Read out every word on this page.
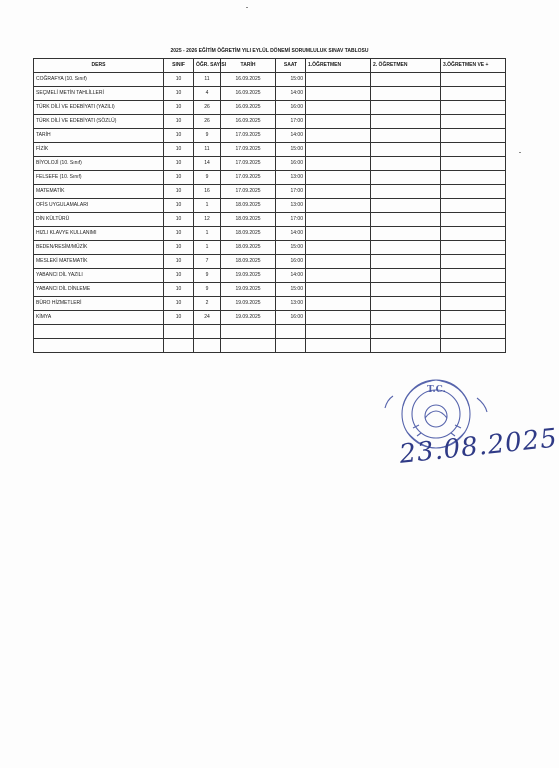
2025 - 2026 EĞİTİM ÖĞRETİM YILI EYLÜL DÖNEMİ SORUMLULUK SINAV TABLOSU							
DERS	SINIF	ÖĞR. SAYISI	TARİH	SAAT	1.ÖĞRETMEN	2. ÖĞRETMEN	3.ÖĞRETMEN VE +
COĞRAFYA (10. Sınıf)	10	11	16.09.2025	15:00			
SEÇMELİ METİN TAHLİLLERİ	10	4	16.09.2025	14:00			
TÜRK DİLİ VE EDEBİYATI (YAZILI)	10	26	16.09.2025	16:00			
TÜRK DİLİ VE EDEBİYATI (SÖZLÜ)	10	26	16.09.2025	17:00			
TARİH	10	9	17.09.2025	14:00			
FİZİK	10	11	17.09.2025	15:00			
BİYOLOJİ (10. Sınıf)	10	14	17.09.2025	16:00			
FELSEFE (10. Sınıf)	10	9	17.09.2025	13:00			
MATEMATİK	10	16	17.09.2025	17:00			
OFİS UYGULAMALARI	10	1	18.09.2025	13:00			
DİN KÜLTÜRÜ	10	12	18.09.2025	17:00			
HIZLI KLAVYE KULLANIMI	10	1	18.09.2025	14:00			
BEDEN/RESİM/MÜZİK	10	1	18.09.2025	15:00			
MESLEKİ MATEMATİK	10	7	18.09.2025	16:00			
YABANCI DİL YAZILI	10	9	19.09.2025	14:00			
YABANCI DİL DİNLEME	10	9	19.09.2025	15:00			
BÜRO HİZMETLERİ	10	2	19.09.2025	13:00			
KİMYA	10	24	19.09.2025	16:00			

T.C.
23.08.2025
